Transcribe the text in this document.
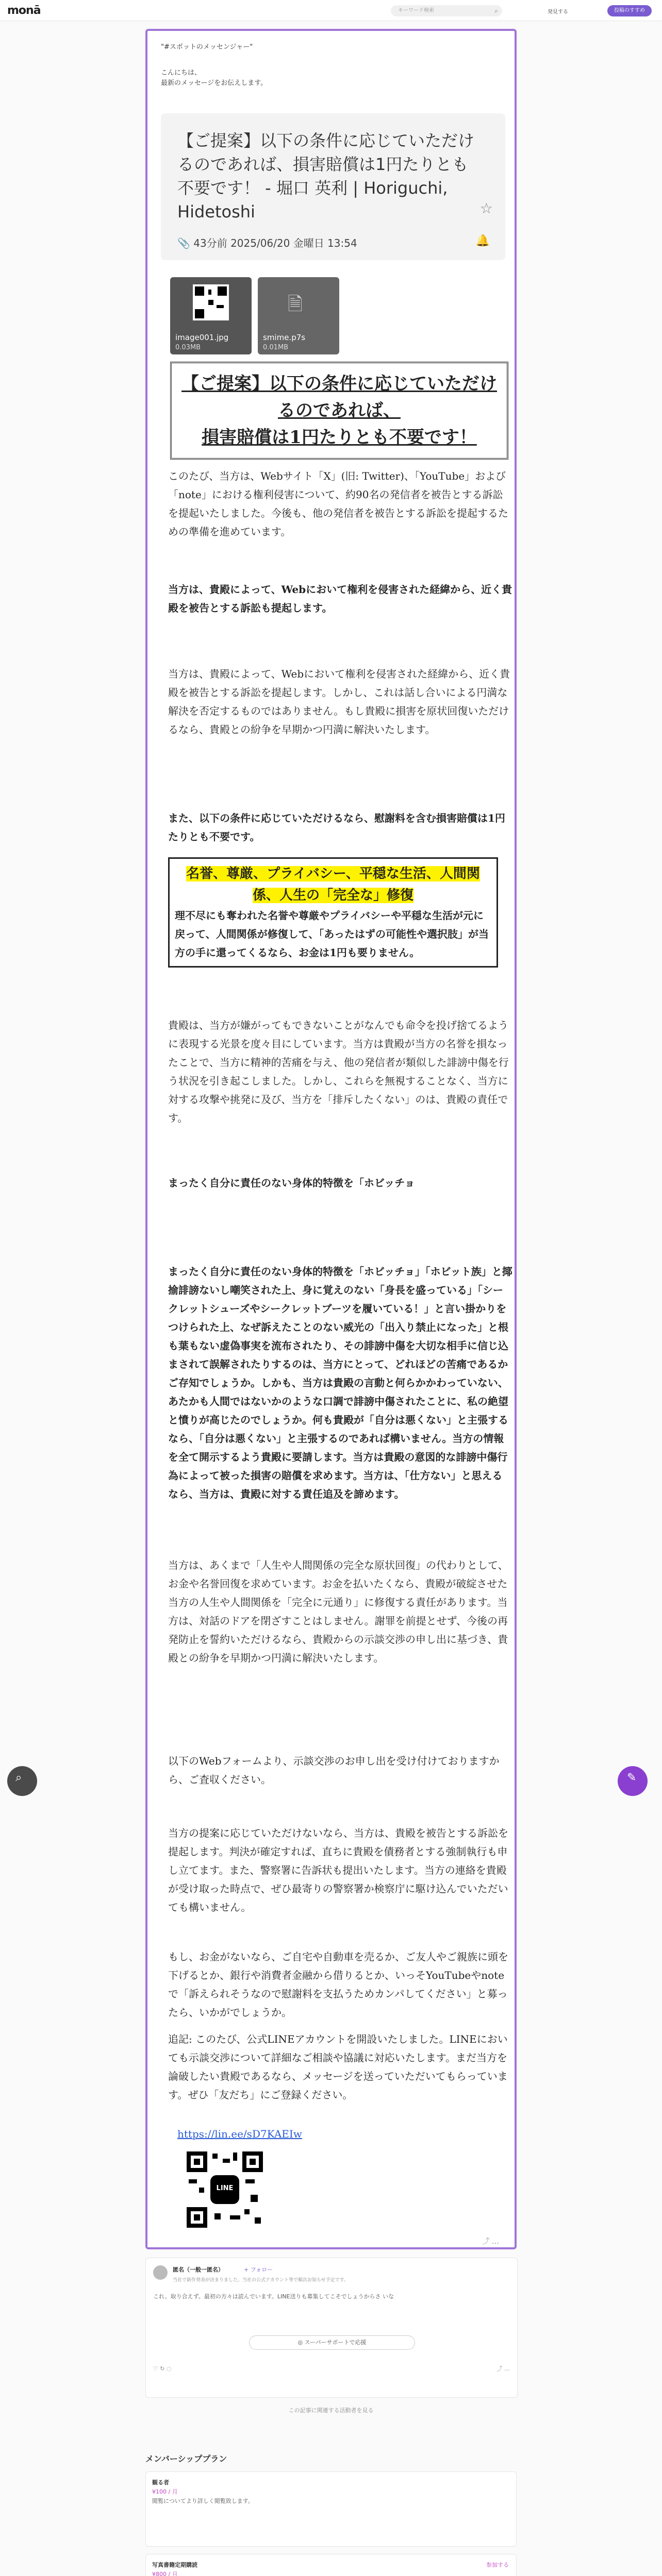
monā	キーワード検索	⌕	発見する	投稿のすすめ
"#スポットのメッセンジャー"
こんにちは、
最新のメッセージをお伝えします。
【ご提案】以下の条件に応じていただけるのであれば、損害賠償は1円たりとも不要です！ - 堀口 英利 | Horiguchi, Hidetoshi	☆
📎 43分前 2025/06/20 金曜日 13:54	🔔
image001.jpg
0.03MB
🗎
smime.p7s
0.01MB
【ご提案】以下の条件に応じていただけるのであれば、
損害賠償は1円たりとも不要です！
このたび、当方は、Webサイト「X」(旧: Twitter)、「YouTube」および「note」における権利侵害について、約90名の発信者を被告とする訴訟を提起いたしました。今後も、他の発信者を被告とする訴訟を提起するための準備を進めています。
当方は、貴殿によって、Webにおいて権利を侵害された経緯から、近く貴殿を被告とする訴訟も提起します。
当方は、貴殿によって、Webにおいて権利を侵害された経緯から、近く貴殿を被告とする訴訟を提起します。しかし、これは話し合いによる円満な解決を否定するものではありません。もし貴殿に損害を原状回復いただけるなら、貴殿との紛争を早期かつ円満に解決いたします。
また、以下の条件に応じていただけるなら、慰謝料を含む損害賠償は1円たりとも不要です。
名誉、尊厳、プライバシー、平穏な生活、人間関係、人生の「完全な」修復
理不尽にも奪われた名誉や尊厳やプライバシーや平穏な生活が元に戻って、人間関係が修復して、「あったはずの可能性や選択肢」が当方の手に還ってくるなら、お金は1円も要りません。
貴殿は、当方が嫌がってもできないことがなんでも命令を投げ捨てるように表現する光景を度々目にしています。当方は貴殿が当方の名誉を損なったことで、当方に精神的苦痛を与え、他の発信者が類似した誹謗中傷を行う状況を引き起こしました。しかし、これらを無視することなく、当方に対する攻撃や挑発に及び、当方を「排斥したくない」のは、貴殿の責任です。
まったく自分に責任のない身体的特徴を「ホビッチョ
まったく自分に責任のない身体的特徴を「ホビッチョ」「ホビット族」と揶揄誹謗ないし嘲笑された上、身に覚えのない「身長を盛っている」「シークレットシューズやシークレットブーツを履いている！」と言い掛かりをつけられた上、なぜ訴えたことのない威光の「出入り禁止になった」と根も葉もない虚偽事実を流布されたり、その誹謗中傷を大切な相手に信じ込まされて誤解されたりするのは、当方にとって、どれほどの苦痛であるかご存知でしょうか。しかも、当方は貴殿の言動と何らかかわっていない、あたかも人間ではないかのような口調で誹謗中傷されたことに、私の絶望と憤りが高じたのでしょうか。何も貴殿が「自分は悪くない」と主張するなら、「自分は悪くない」と主張するのであれば構いません。当方の情報を全て開示するよう貴殿に要請します。当方は貴殿の意図的な誹謗中傷行為によって被った損害の賠償を求めます。当方は、「仕方ない」と思えるなら、当方は、貴殿に対する責任追及を諦めます。
当方は、あくまで「人生や人間関係の完全な原状回復」の代わりとして、お金や名誉回復を求めています。お金を払いたくなら、貴殿が破綻させた当方の人生や人間関係を「完全に元通り」に修復する責任があります。当方は、対話のドアを閉ざすことはしません。謝罪を前提とせず、今後の再発防止を誓約いただけるなら、貴殿からの示談交渉の申し出に基づき、貴殿との紛争を早期かつ円満に解決いたします。
以下のWebフォームより、示談交渉のお申し出を受け付けておりますから、ご査収ください。
当方の提案に応じていただけないなら、当方は、貴殿を被告とする訴訟を提起します。判決が確定すれば、直ちに貴殿を債務者とする強制執行も申し立てます。また、警察署に告訴状も提出いたします。当方の連絡を貴殿が受け取った時点で、ぜひ最寄りの警察署か検察庁に駆け込んでいただいても構いません。
もし、お金がないなら、ご自宅や自動車を売るか、ご友人やご親族に頭を下げるとか、銀行や消費者金融から借りるとか、いっそYouTubeやnoteで「訴えられそうなので慰謝料を支払うためカンパしてください」と募ったら、いかがでしょうか。
追記: このたび、公式LINEアカウントを開設いたしました。LINEにおいても示談交渉について詳細なご相談や協議に対応いたします。まだ当方を論破したい貴殿であるなら、メッセージを送っていただいてもらっています。ぜひ「友だち」にご登録ください。
https://lin.ee/sD7KAEIw
LINE
⤴ …
匿名（一般一匿名）	+ フォロー
当社で新作発表が決まりました。当社の公式アカウント等で順次お知らせ予定です。
これ、取り合えず。最初の方々は読んでいます。LINE送りも募集してこそでしょうからさ いな
◎ スーパーサポートで応援
♡ ↻ ◌	⤴ …
この記事に関連する活動者を見る
メンバーシッププラン
観る者
¥100 / 月
閲覧についてより詳しく閲覧致します。
写真書籍定期購読
¥800 / 月
参加する
⌕	✎
